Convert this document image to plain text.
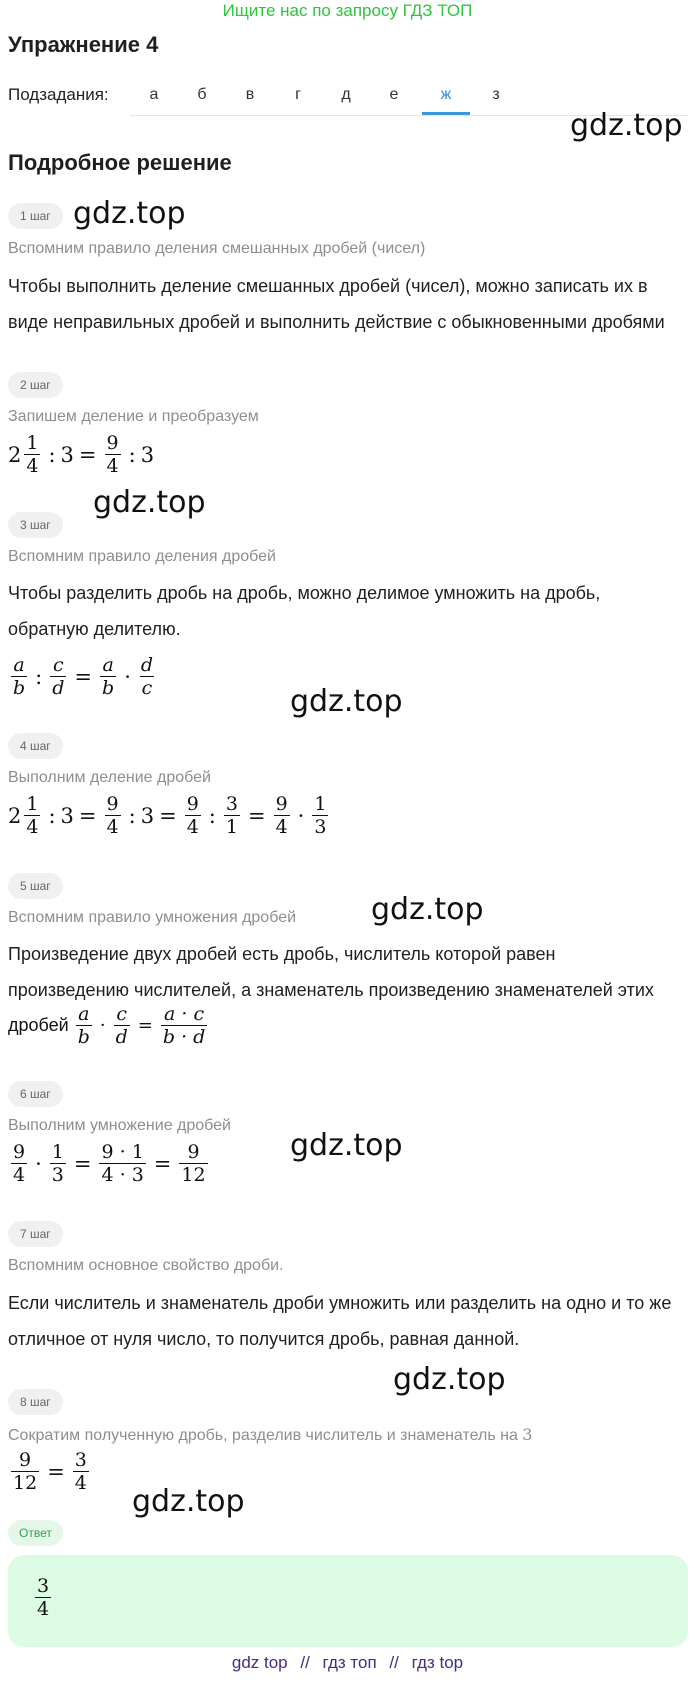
Ищите нас по запросу ГДЗ ТОП
Упражнение 4
Подзадания:	а	б	в	г	д	е	ж	з
gdz.top
Подробное решение
1 шаг gdz.top
Вспомним правило деления смешанных дробей (чисел)
Чтобы выполнить деление смешанных дробей (чисел), можно записать их в
виде неправильных дробей и выполнить действие с обыкновенными дробями
2 шаг
Запишем деление и преобразуем
$2 \frac{1}{4}$ : $3 = \frac{9}{4}$ : 3
gdz.top
3 шаг
Вспомним правило деления дробей
Чтобы разделить дробь на дробь, можно делимое умножить на дробь,
обратную делителю.
$\frac{a}{b}$ : $\frac{c}{d} = \frac{a}{b} \cdot \frac{d}{c}$
gdz.top
4 шаг
Выполним деление дробей
$2 \frac{1}{4}$ : $3 = \frac{9}{4}$ : $3 = \frac{9}{4}$ : $\frac{3}{1} = \frac{9}{4} \cdot \frac{1}{3}$
5 шаг
gdz.top
Вспомним правило умножения дробей
Произведение двух дробей есть дробь, числитель которой равен
произведению числителей, а знаменатель произведению знаменателей этих
дробей $\frac{a}{b} \cdot \frac{c}{d} = \frac{a \cdot c}{b \cdot d}$
6 шаг
Выполним умножение дробей
gdz.top
$\frac{9}{4} \cdot \frac{1}{3} = \frac{9 \cdot 1}{4 \cdot 3} = \frac{9}{12}$
7 шаг
Вспомним основное свойство дроби.
Если числитель и знаменатель дроби умножить или разделить на одно и то же
отличное от нуля число, то получится дробь, равная данной.
gdz.top
8 шаг
Сократим полученную дробь, разделив числитель и знаменатель на 3
$\frac{9}{12} = \frac{3}{4}$
gdz.top
Ответ
$\frac{3}{4}$
gdz top // гдз топ // гдз top
